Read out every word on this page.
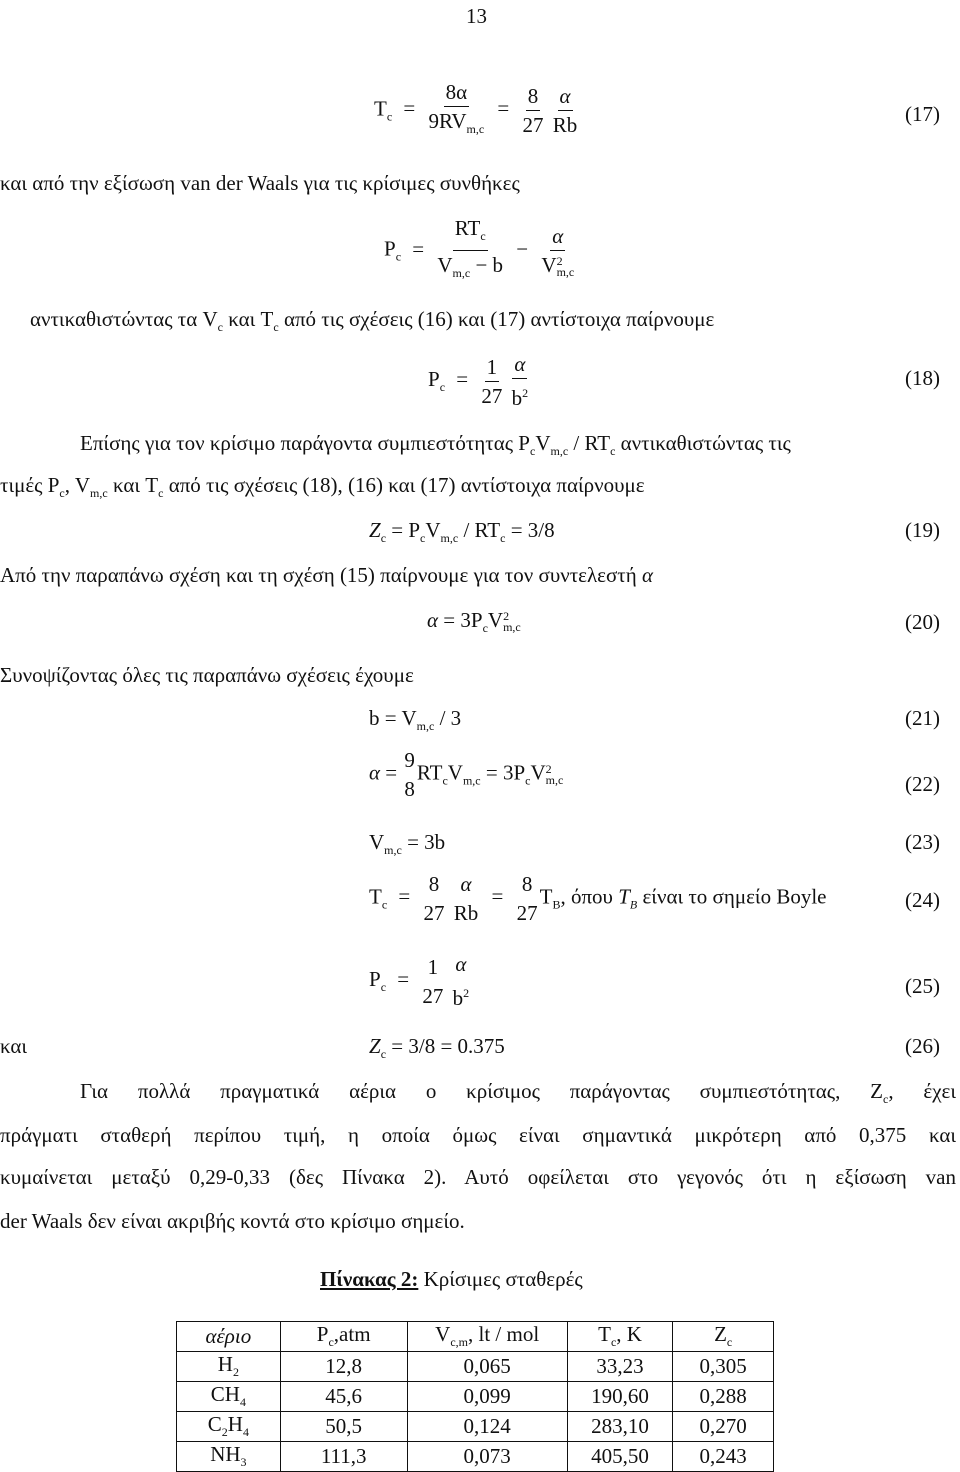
13
$T_c = \frac{8\alpha}{9RV_{m,c}} = \frac{8}{27}$
$\frac{\alpha}{Rb}$	(17)
και από την εξίσωση van der Waals για τις κρίσιμες συνθήκες
$P_c = \frac{RT_c}{V_{m,c} - b} - \alpha$
V 2
m,c
αντικαθιστώντας τα $V_c$ και $T_c$ από τις σχέσεις (16) και (17) αντίστοιχα παίρνουμε
$P_c = \frac{1}{27}$
$\frac{\alpha}{b^2}$	(18)
Επίσης για τον κρίσιμο παράγοντα συμπιεστότητας $P_cV_{m,c} / RT_c$ αντικαθιστώντας τις
τιμές $P_c$, $V_{m,c}$ και $T_c$ από τις σχέσεις (18), (16) και (17) αντίστοιχα παίρνουμε
$Z_c = P_cV_{m,c} / RT_c = 3/8$	(19)
Από την παραπάνω σχέση και τη σχέση (15) παίρνουμε για τον συντελεστή α
$\alpha = 3P_cV$ 2
m,c	(20)
Συνοψίζοντας όλες τις παραπάνω σχέσεις έχουμε
$b = V_{m,c} / 3$	(21)
α =
9
8
$RT_cV_{m,c} = 3P_cV$ 2
m,c	(22)
$V_{m,c} = 3b$	(23)
$T_c$ =
8
27

α
Rb
=
8
27
$T_B$, όπου $T_B$ είναι το σημείο Boyle	(24)
$P_c$ =
1
27

α
$b^2$	(25)
και	$Z_c = 3/8 = 0.375$	(26)
Για πολλά πραγματικά αέρια ο κρίσιμος παράγοντας συμπιεστότητας, $Z_c$, έχει
πράγματι σταθερή περίπου τιμή, η οποία όμως είναι σημαντικά μικρότερη από 0,375 και
κυμαίνεται μεταξύ 0,29-0,33 (δες Πίνακα 2). Αυτό οφείλεται στο γεγονός ότι η εξίσωση van
der Waals δεν είναι ακριβής κοντά στο κρίσιμο σημείο.
Πίνακας 2: Κρίσιμες σταθερές
αέριο	$P_c,atm$	$V_{c,m}$, lt / mol	$T_c$, K	$Z_c$
$H_2$	12,8	0,065	33,23	0,305
$CH_4$	45,6	0,099	190,60	0,288
$C_2H_4$	50,5	0,124	283,10	0,270
$NH_3$	111,3	0,073	405,50	0,243
